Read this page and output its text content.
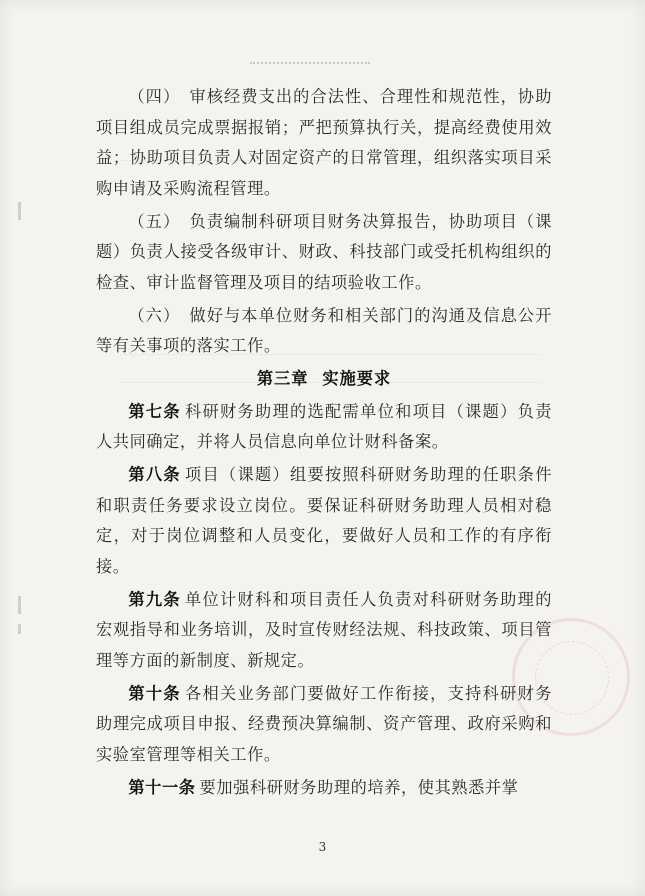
（四）　审核经费支出的合法性、合理性和规范性，协助项目组成员完成票据报销；严把预算执行关，提高经费使用效益；协助项目负责人对固定资产的日常管理，组织落实项目采购申请及采购流程管理。

（五）　负责编制科研项目财务决算报告，协助项目（课题）负责人接受各级审计、财政、科技部门或受托机构组织的检查、审计监督管理及项目的结项验收工作。

（六）　做好与本单位财务和相关部门的沟通及信息公开等有关事项的落实工作。

第三章 实施要求

第七条 科研财务助理的选配需单位和项目（课题）负责人共同确定，并将人员信息向单位计财科备案。

第八条 项目（课题）组要按照科研财务助理的任职条件和职责任务要求设立岗位。要保证科研财务助理人员相对稳定，对于岗位调整和人员变化，要做好人员和工作的有序衔接。

第九条 单位计财科和项目责任人负责对科研财务助理的宏观指导和业务培训，及时宣传财经法规、科技政策、项目管理等方面的新制度、新规定。

第十条 各相关业务部门要做好工作衔接，支持科研财务助理完成项目申报、经费预决算编制、资产管理、政府采购和实验室管理等相关工作。

第十一条 要加强科研财务助理的培养，使其熟悉并掌

3
